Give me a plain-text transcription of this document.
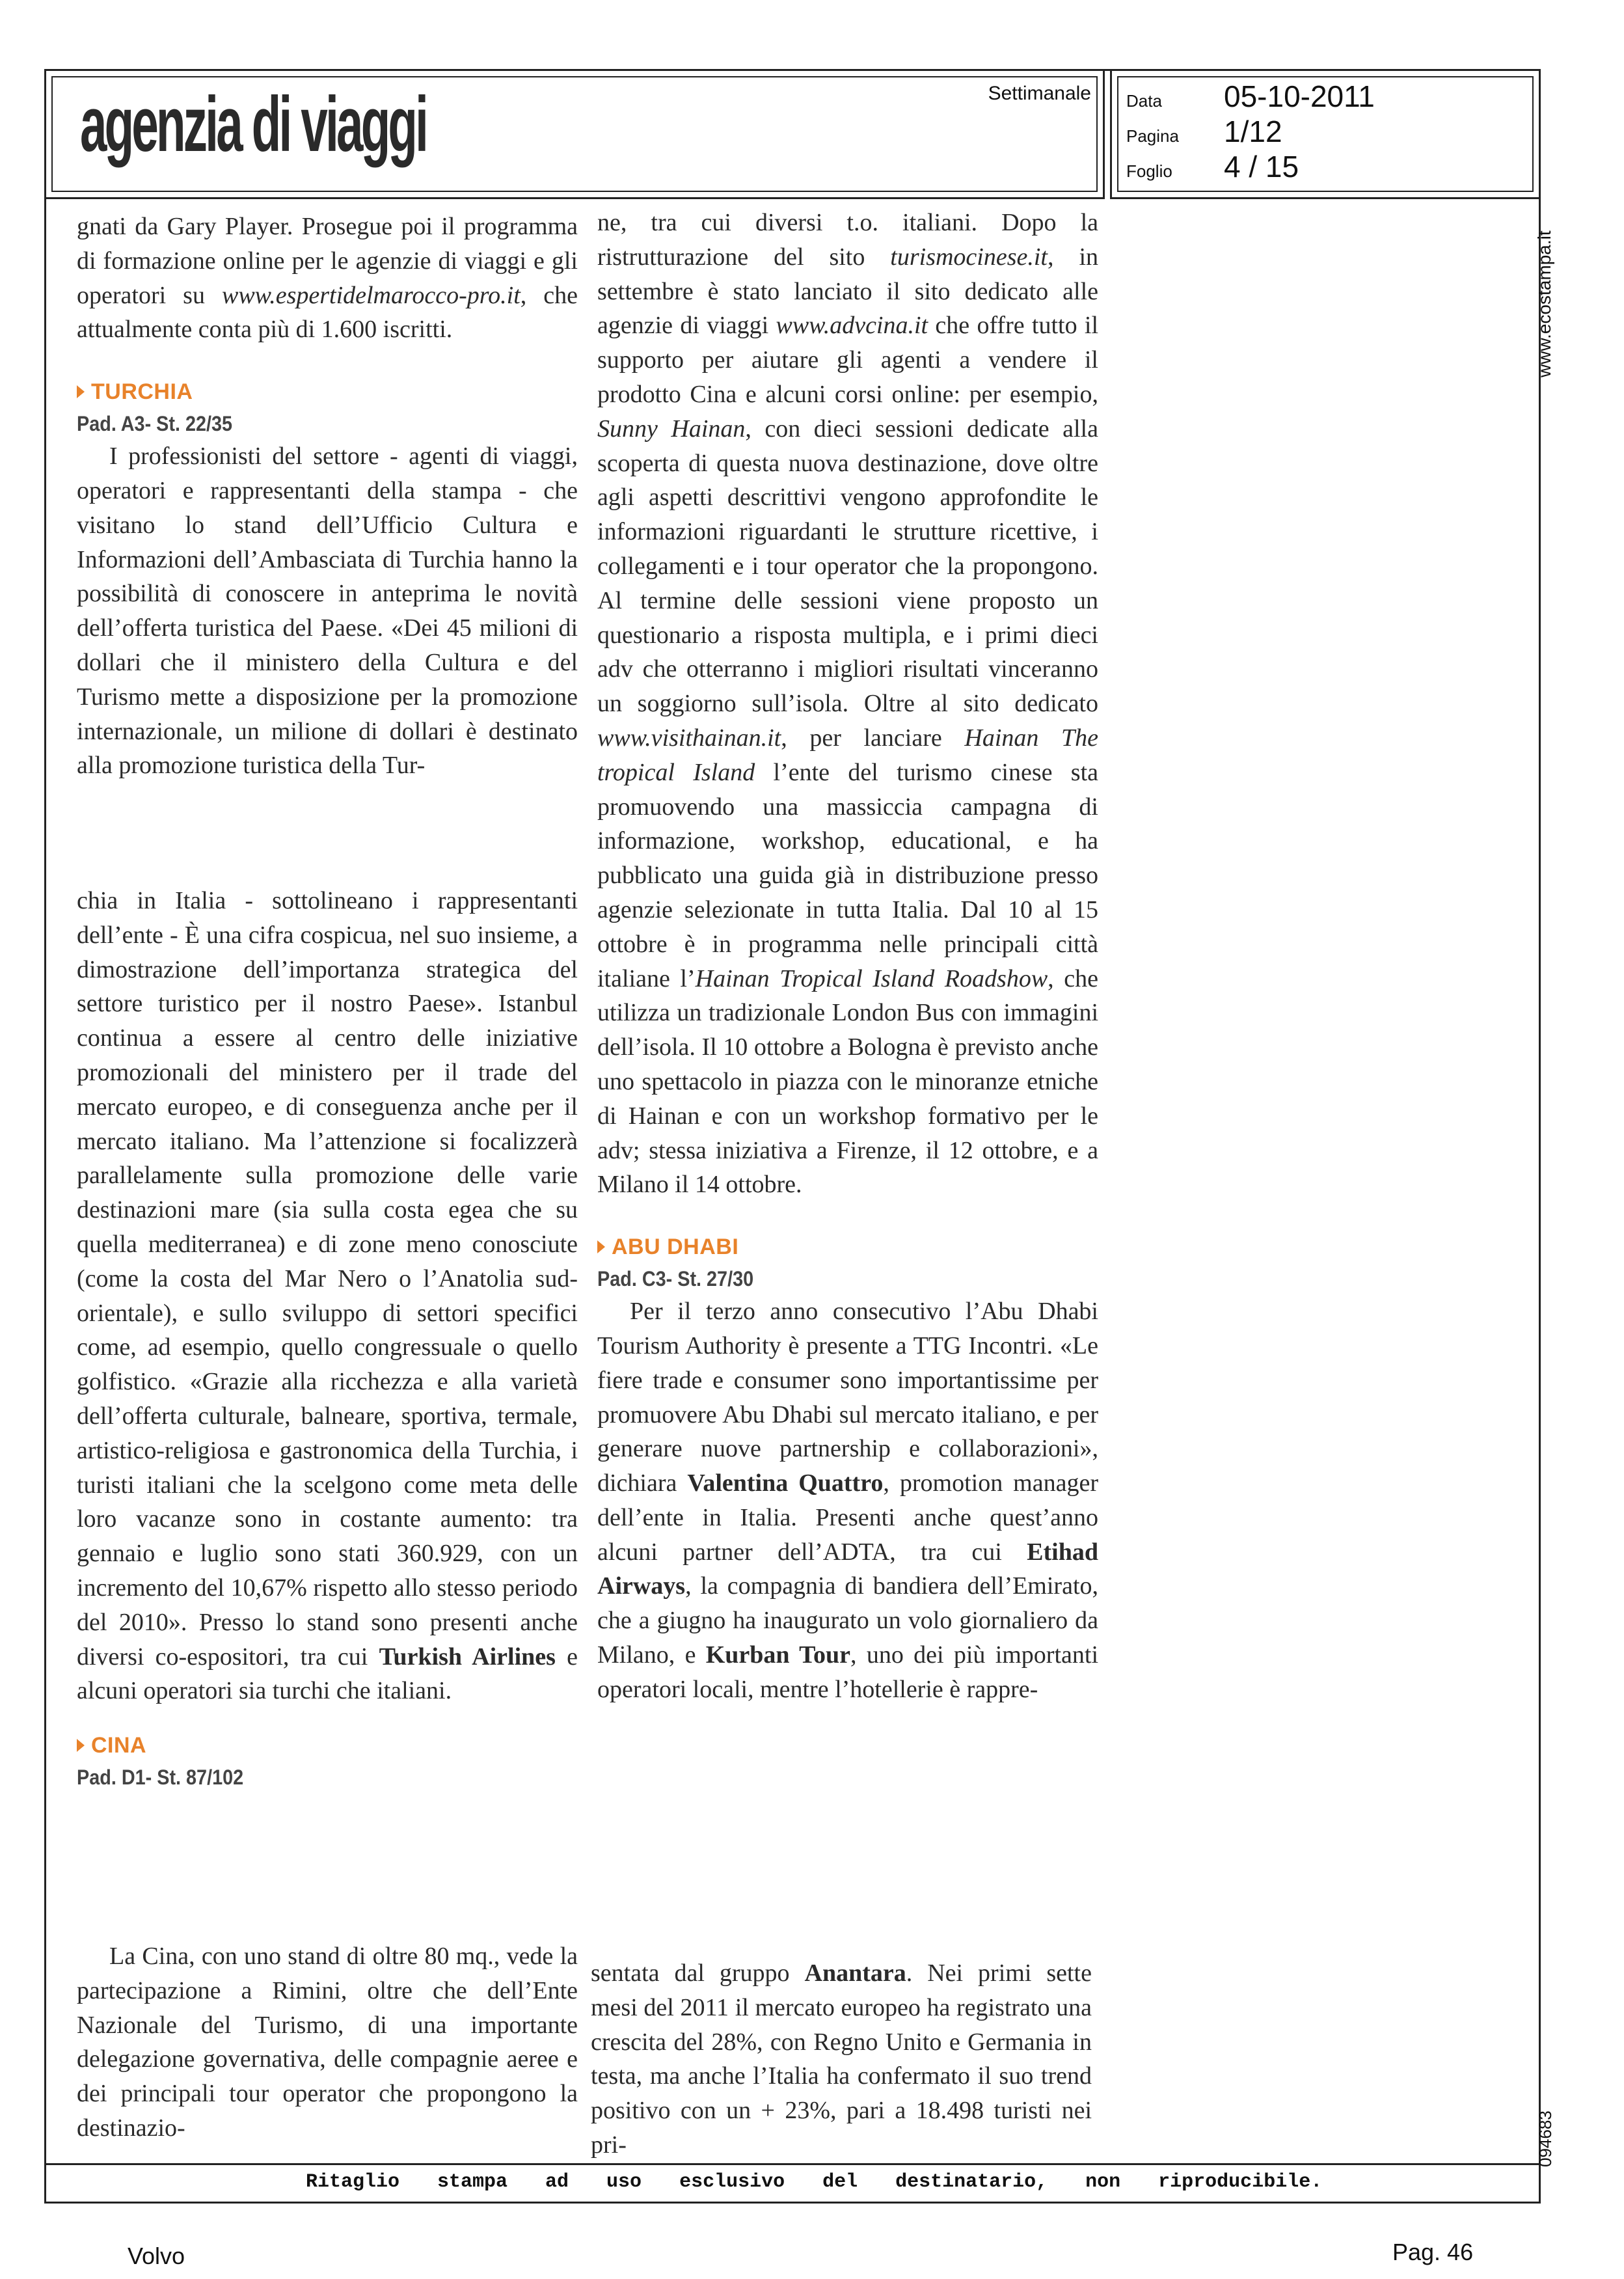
agenzia di viaggi	Settimanale Data 05-10-2011
Pagina 1/12
Foglio 4 / 15

gnati da Gary Player. Prosegue poi il programma di formazione online per le agenzie di viaggi e gli operatori su www.espertidelmarocco-pro.it, che attualmente conta più di 1.600 iscritti.

TURCHIA
Pad. A3- St. 22/35

I professionisti del settore - agenti di viaggi, operatori e rappresentanti della stampa - che visitano lo stand dell’Ufficio Cultura e Informazioni dell’Ambasciata di Turchia hanno la possibilità di conoscere in anteprima le novità dell’offerta turistica del Paese. «Dei 45 milioni di dollari che il ministero della Cultura e del Turismo mette a disposizione per la promozione internazionale, un milione di dollari è destinato alla promozione turistica della Tur-

chia in Italia - sottolineano i rappresentanti dell’ente - È una cifra cospicua, nel suo insieme, a dimostrazione dell’importanza strategica del settore turistico per il nostro Paese». Istanbul continua a essere al centro delle iniziative promozionali del ministero per il trade del mercato europeo, e di conseguenza anche per il mercato italiano. Ma l’attenzione si focalizzerà parallelamente sulla promozione delle varie destinazioni mare (sia sulla costa egea che su quella mediterranea) e di zone meno conosciute (come la costa del Mar Nero o l’Anatolia sud-orientale), e sullo sviluppo di settori specifici come, ad esempio, quello congressuale o quello golfistico. «Grazie alla ricchezza e alla varietà dell’offerta culturale, balneare, sportiva, termale, artistico-religiosa e gastronomica della Turchia, i turisti italiani che la scelgono come meta delle loro vacanze sono in costante aumento: tra gennaio e luglio sono stati 360.929, con un incremento del 10,67% rispetto allo stesso periodo del 2010». Presso lo stand sono presenti anche diversi co-espositori, tra cui Turkish Airlines e alcuni operatori sia turchi che italiani.

CINA
Pad. D1- St. 87/102

La Cina, con uno stand di oltre 80 mq., vede la partecipazione a Rimini, oltre che dell’Ente Nazionale del Turismo, di una importante delegazione governativa, delle compagnie aeree e dei principali tour operator che propongono la destinazio-

ne, tra cui diversi t.o. italiani. Dopo la ristrutturazione del sito turismocinese.it, in settembre è stato lanciato il sito dedicato alle agenzie di viaggi www.advcina.it che offre tutto il supporto per aiutare gli agenti a vendere il prodotto Cina e alcuni corsi online: per esempio, Sunny Hainan, con dieci sessioni dedicate alla scoperta di questa nuova destinazione, dove oltre agli aspetti descrittivi vengono approfondite le informazioni riguardanti le strutture ricettive, i collegamenti e i tour operator che la propongono. Al termine delle sessioni viene proposto un questionario a risposta multipla, e i primi dieci adv che otterranno i migliori risultati vinceranno un soggiorno sull’isola. Oltre al sito dedicato www.visithainan.it, per lanciare Hainan The tropical Island l’ente del turismo cinese sta promuovendo una massiccia campagna di informazione, workshop, educational, e ha pubblicato una guida già in distribuzione presso agenzie selezionate in tutta Italia. Dal 10 al 15 ottobre è in programma nelle principali città italiane l’Hainan Tropical Island Roadshow, che utilizza un tradizionale London Bus con immagini dell’isola. Il 10 ottobre a Bologna è previsto anche uno spettacolo in piazza con le minoranze etniche di Hainan e con un workshop formativo per le adv; stessa iniziativa a Firenze, il 12 ottobre, e a Milano il 14 ottobre.

ABU DHABI
Pad. C3- St. 27/30

Per il terzo anno consecutivo l’Abu Dhabi Tourism Authority è presente a TTG Incontri. «Le fiere trade e consumer sono importantissime per promuovere Abu Dhabi sul mercato italiano, e per generare nuove partnership e collaborazioni», dichiara Valentina Quattro, promotion manager dell’ente in Italia. Presenti anche quest’anno alcuni partner dell’ADTA, tra cui Etihad Airways, la compagnia di bandiera dell’Emirato, che a giugno ha inaugurato un volo giornaliero da Milano, e Kurban Tour, uno dei più importanti operatori locali, mentre l’hotellerie è rappre-

sentata dal gruppo Anantara. Nei primi sette mesi del 2011 il mercato europeo ha registrato una crescita del 28%, con Regno Unito e Germania in testa, ma anche l’Italia ha confermato il suo trend positivo con un + 23%, pari a 18.498 turisti nei pri-

Ritaglio stampa ad uso esclusivo del destinatario, non riproducibile.
www.ecostampa.it
094683
Volvo	Pag. 46
